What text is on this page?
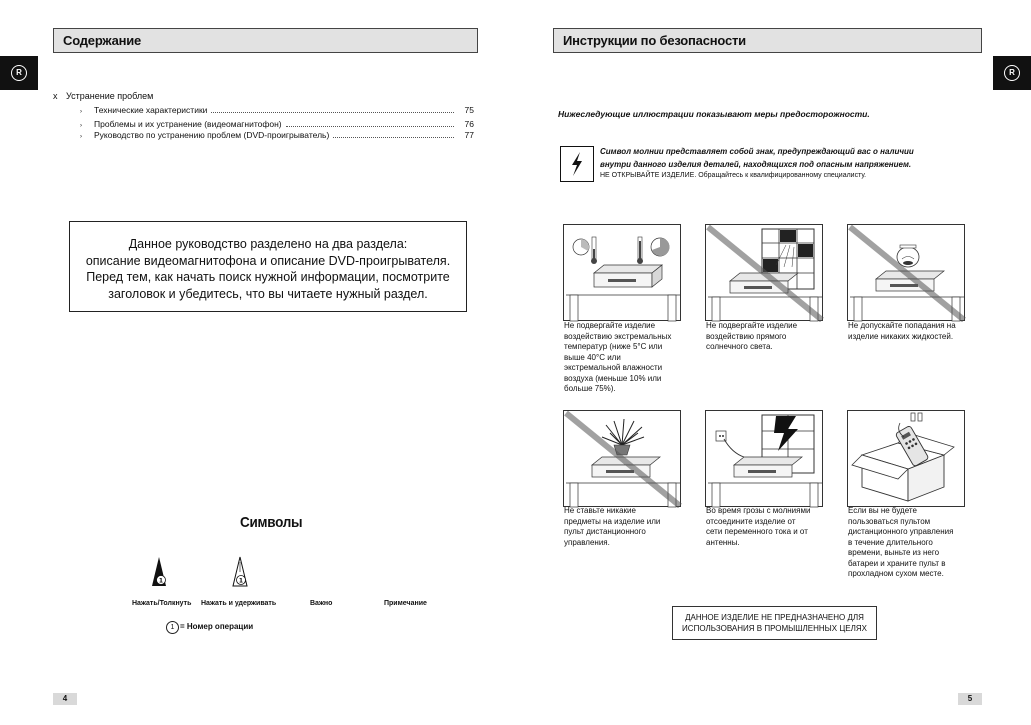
Содержание
R
x Устранение проблем
›	Технические характеристики	75
›	Проблемы и их устранение (видеомагнитофон)	76
›	Руководство по устранению проблем (DVD-проигрыватель)	77
Данное руководство разделено на два раздела:
описание видеомагнитофона и описание DVD-проигрывателя.
Перед тем, как начать поиск нужной информации, посмотрите
заголовок и убедитесь, что вы читаете нужный раздел.
Символы
1	1
Нажать/Толкнуть Нажать и удерживать	Важно	Примечание
1 = Номер операции
4
Инструкции по безопасности
R
Нижеследующие иллюстрации показывают меры предосторожности.
Символ молнии представляет собой знак, предупреждающий вас о наличии
внутри данного изделия деталей, находящихся под опасным напряжением.
НЕ ОТКРЫВАЙТЕ ИЗДЕЛИЕ. Обращайтесь к квалифицированному специалисту.
Не подвергайте изделие
воздействию экстремальных
температур (ниже 5°C или
выше 40°C или
экстремальной влажности
воздуха (меньше 10% или
больше 75%).
Не подвергайте изделие
воздействию прямого
солнечного света.
Не допускайте попадания на
изделие никаких жидкостей.
Не ставьте никакие
предметы на изделие или
пульт дистанционного
управления.
Во время грозы с молниями
отсоедините изделие от
сети переменного тока и от
антенны.
Если вы не будете
пользоваться пультом
дистанционного управления
в течение длительного
времени, выньте из него
батареи и храните пульт в
прохладном сухом месте.
ДАННОЕ ИЗДЕЛИЕ НЕ ПРЕДНАЗНАЧЕНО ДЛЯ
ИСПОЛЬЗОВАНИЯ В ПРОМЫШЛЕННЫХ ЦЕЛЯХ
5
